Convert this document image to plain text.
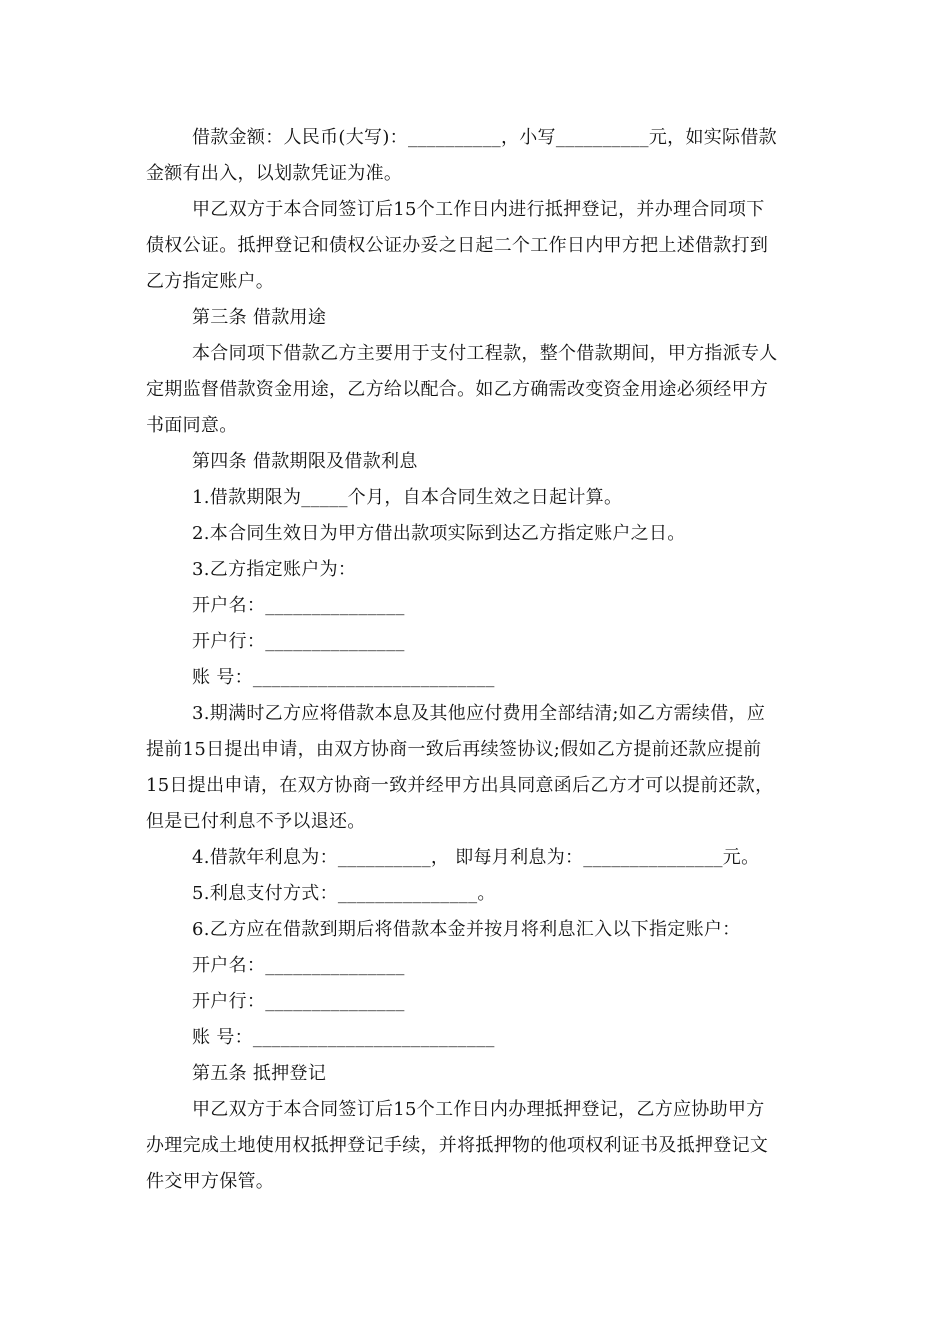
借款金额：人民币(大写)：__________，小写__________元，如实际借款
金额有出入，以划款凭证为准。
甲乙双方于本合同签订后15个工作日内进行抵押登记，并办理合同项下
债权公证。抵押登记和债权公证办妥之日起二个工作日内甲方把上述借款打到
乙方指定账户。
第三条 借款用途
本合同项下借款乙方主要用于支付工程款，整个借款期间，甲方指派专人
定期监督借款资金用途，乙方给以配合。如乙方确需改变资金用途必须经甲方
书面同意。
第四条 借款期限及借款利息
1.借款期限为_____个月，自本合同生效之日起计算。
2.本合同生效日为甲方借出款项实际到达乙方指定账户之日。
3.乙方指定账户为：
开户名：_______________
开户行：_______________
账 号：__________________________
3.期满时乙方应将借款本息及其他应付费用全部结清;如乙方需续借，应
提前15日提出申请，由双方协商一致后再续签协议;假如乙方提前还款应提前
15日提出申请，在双方协商一致并经甲方出具同意函后乙方才可以提前还款，
但是已付利息不予以退还。
4.借款年利息为：__________， 即每月利息为：_______________元。
5.利息支付方式：_______________。
6.乙方应在借款到期后将借款本金并按月将利息汇入以下指定账户：
开户名：_______________
开户行：_______________
账 号：__________________________
第五条 抵押登记
甲乙双方于本合同签订后15个工作日内办理抵押登记，乙方应协助甲方
办理完成土地使用权抵押登记手续，并将抵押物的他项权利证书及抵押登记文
件交甲方保管。
